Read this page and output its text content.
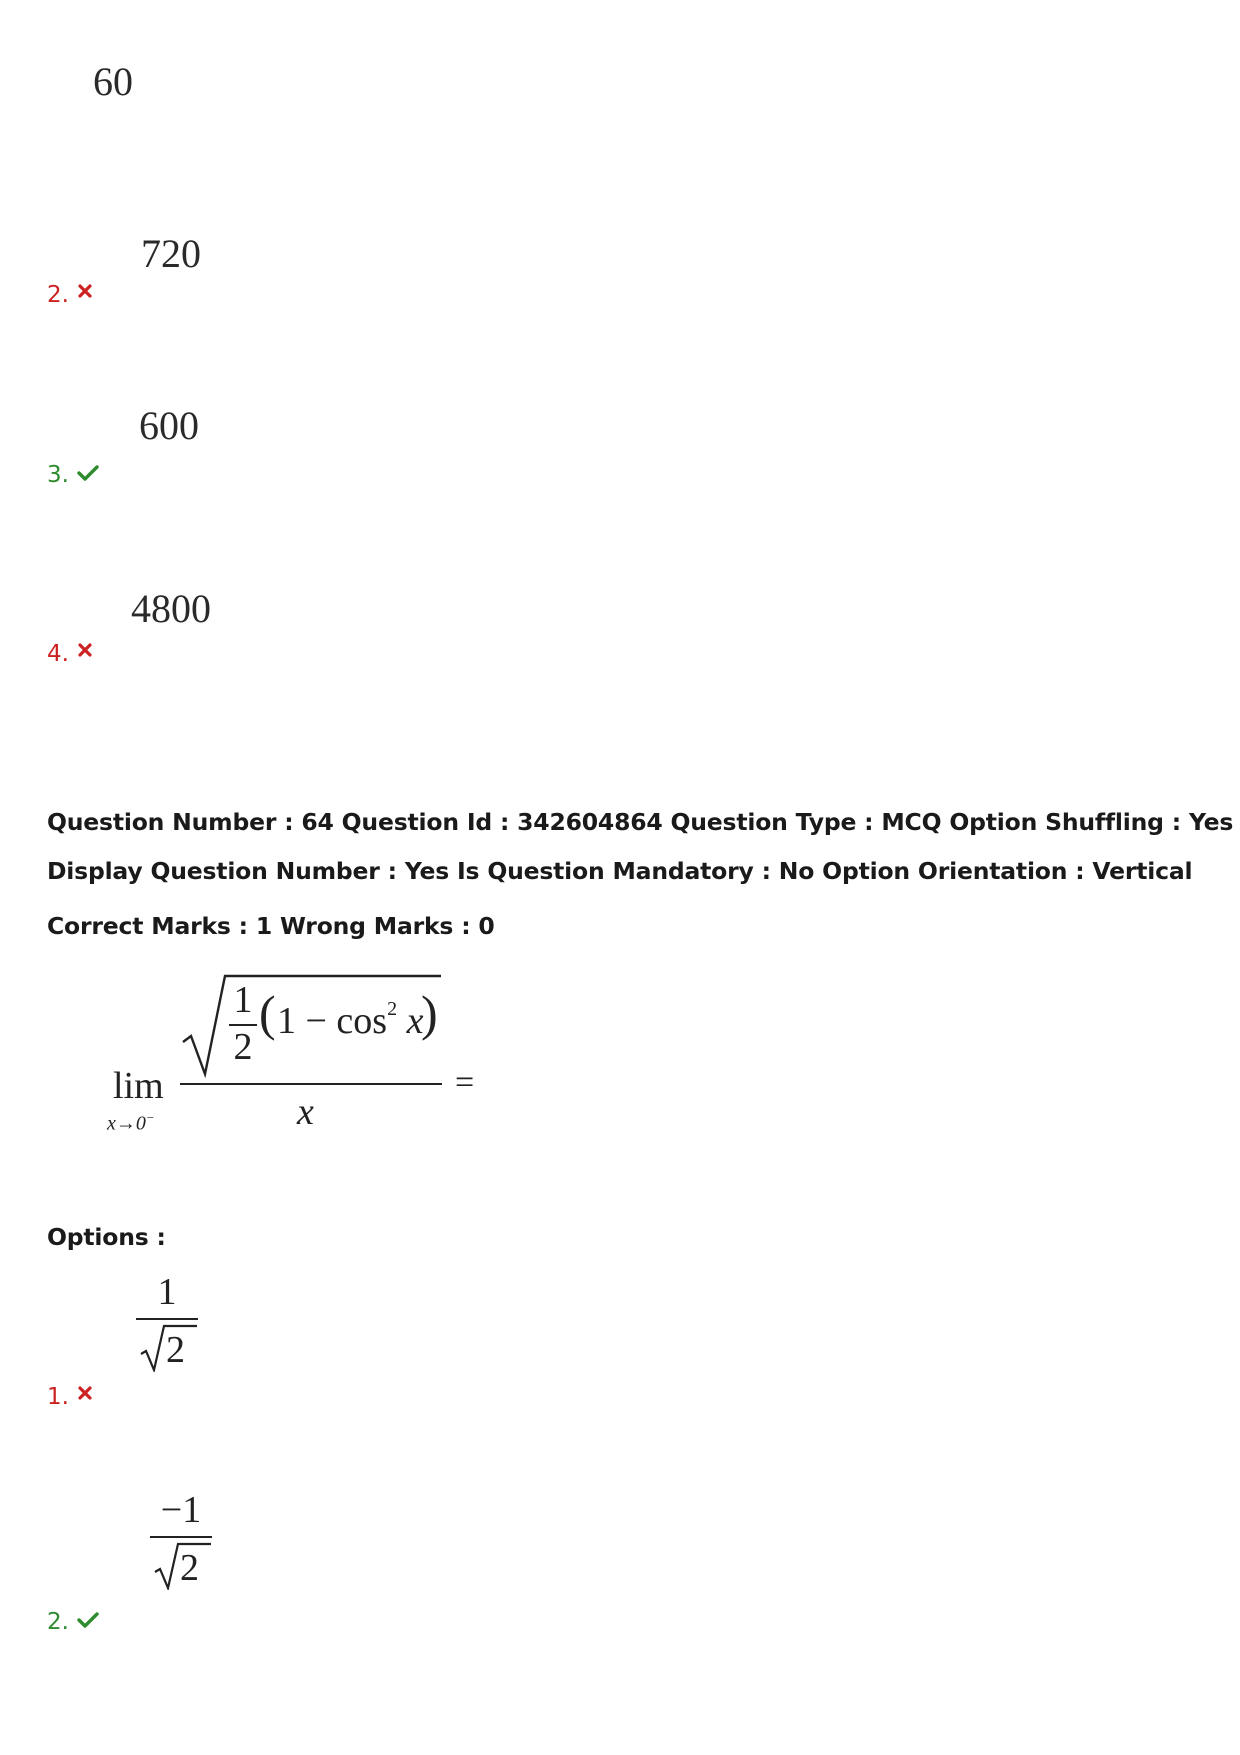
60
720
2.
600
3.
4800
4.
Question Number : 64 Question Id : 342604864 Question Type : MCQ Option Shuffling : Yes
Display Question Number : Yes Is Question Mandatory : No Option Orientation : Vertical
Correct Marks : 1 Wrong Marks : 0
lim
x→0−
1
2
( $1 - \cos^2 x$
)
x
=
Options :
1
2
1.
−1
2
2.
